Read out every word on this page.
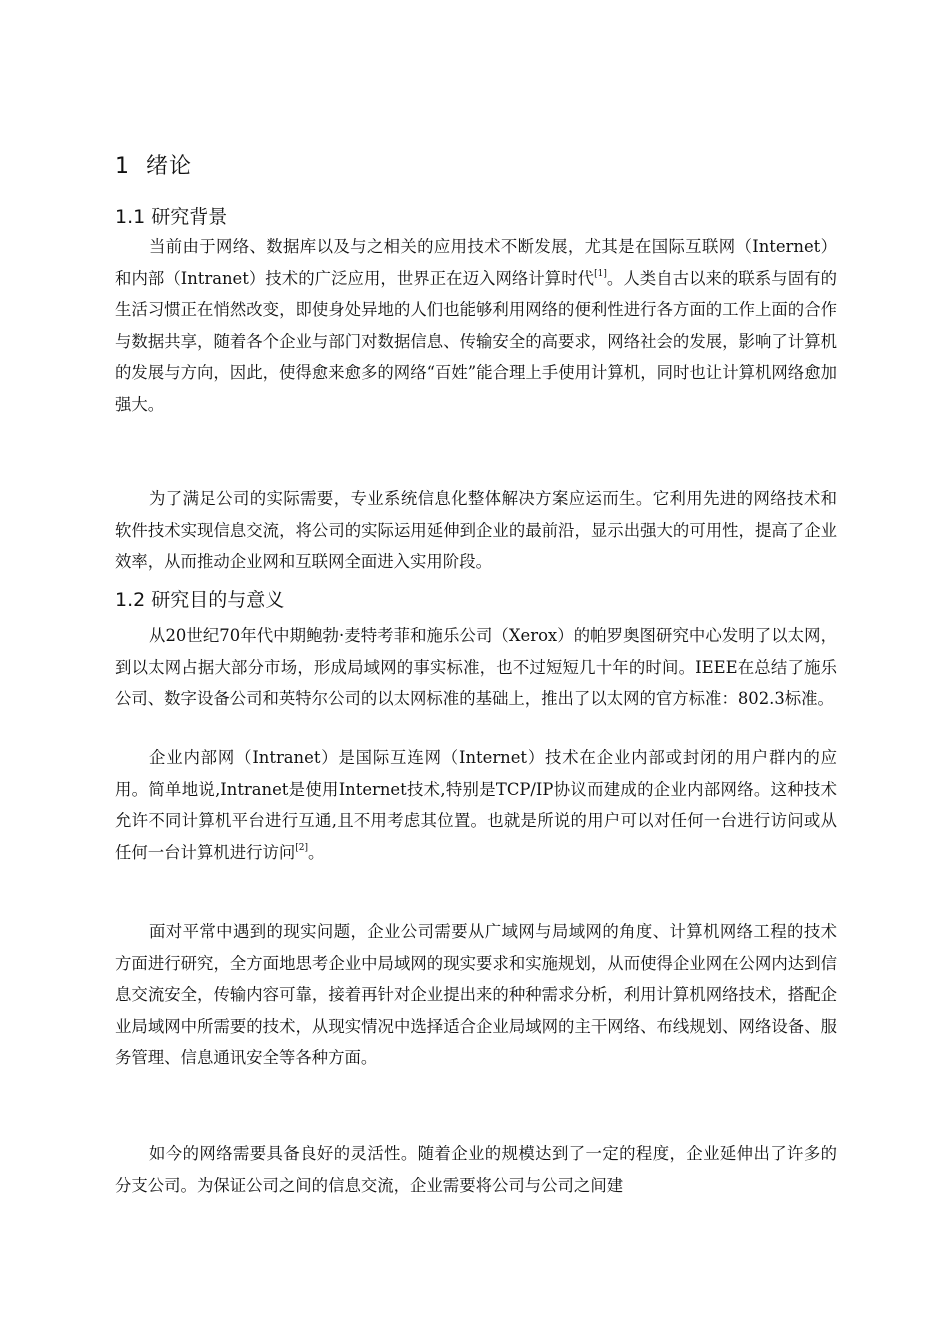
1  绪论
1.1 研究背景

当前由于网络、数据库以及与之相关的应用技术不断发展，尤其是在国际互联网（Internet）和内部（Intranet）技术的广泛应用，世界正在迈入网络计算时代[1]。人类自古以来的联系与固有的生活习惯正在悄然改变，即使身处异地的人们也能够利用网络的便利性进行各方面的工作上面的合作与数据共享，随着各个企业与部门对数据信息、传输安全的高要求，网络社会的发展，影响了计算机的发展与方向，因此，使得愈来愈多的网络“百姓”能合理上手使用计算机，同时也让计算机网络愈加强大。

为了满足公司的实际需要，专业系统信息化整体解决方案应运而生。它利用先进的网络技术和软件技术实现信息交流，将公司的实际运用延伸到企业的最前沿，显示出强大的可用性，提高了企业效率，从而推动企业网和互联网全面进入实用阶段。

1.2 研究目的与意义

从20世纪70年代中期鲍勃·麦特考菲和施乐公司（Xerox）的帕罗奥图研究中心发明了以太网，到以太网占据大部分市场，形成局域网的事实标准，也不过短短几十年的时间。IEEE在总结了施乐公司、数字设备公司和英特尔公司的以太网标准的基础上，推出了以太网的官方标准：802.3标准。

企业内部网（Intranet）是国际互连网（Internet）技术在企业内部或封闭的用户群内的应用。简单地说,Intranet是使用Internet技术,特别是TCP/IP协议而建成的企业内部网络。这种技术允许不同计算机平台进行互通,且不用考虑其位置。也就是所说的用户可以对任何一台进行访问或从任何一台计算机进行访问[2]。

面对平常中遇到的现实问题，企业公司需要从广域网与局域网的角度、计算机网络工程的技术方面进行研究，全方面地思考企业中局域网的现实要求和实施规划，从而使得企业网在公网内达到信息交流安全，传输内容可靠，接着再针对企业提出来的种种需求分析，利用计算机网络技术，搭配企业局域网中所需要的技术，从现实情况中选择适合企业局域网的主干网络、布线规划、网络设备、服务管理、信息通讯安全等各种方面。

如今的网络需要具备良好的灵活性。随着企业的规模达到了一定的程度，企业延伸出了许多的分支公司。为保证公司之间的信息交流，企业需要将公司与公司之间建
